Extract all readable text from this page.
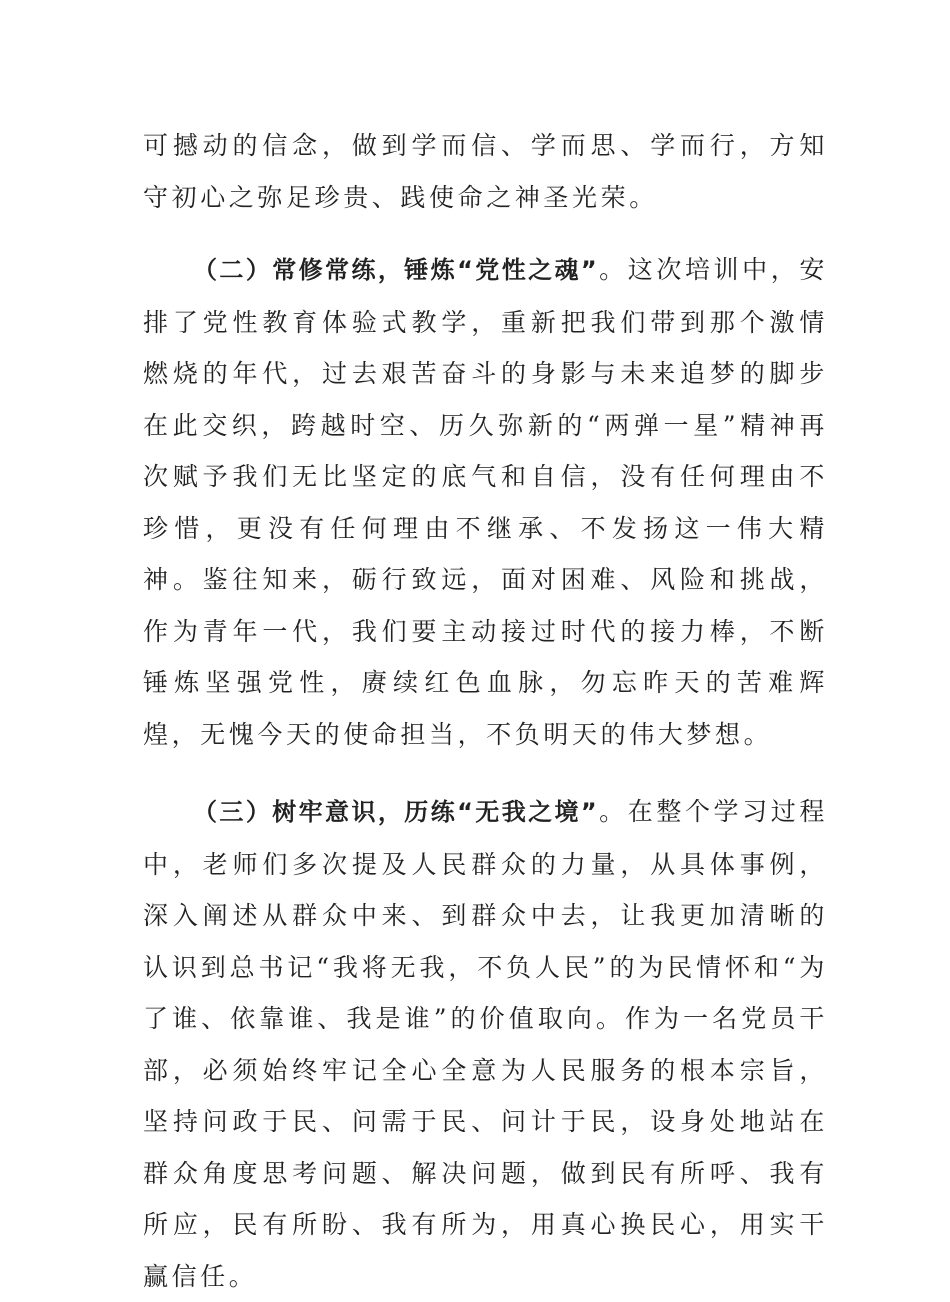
可撼动的信念，做到学而信、学而思、学而行，方知守初心之弥足珍贵、践使命之神圣光荣。

（二）常修常练，锤炼“党性之魂”。这次培训中，安排了党性教育体验式教学，重新把我们带到那个激情燃烧的年代，过去艰苦奋斗的身影与未来追梦的脚步在此交织，跨越时空、历久弥新的“两弹一星”精神再次赋予我们无比坚定的底气和自信，没有任何理由不珍惜，更没有任何理由不继承、不发扬这一伟大精神。鉴往知来，砺行致远，面对困难、风险和挑战，作为青年一代，我们要主动接过时代的接力棒，不断锤炼坚强党性，赓续红色血脉，勿忘昨天的苦难辉煌，无愧今天的使命担当，不负明天的伟大梦想。

（三）树牢意识，历练“无我之境”。在整个学习过程中，老师们多次提及人民群众的力量，从具体事例，深入阐述从群众中来、到群众中去，让我更加清晰的认识到总书记“我将无我，不负人民”的为民情怀和“为了谁、依靠谁、我是谁”的价值取向。作为一名党员干部，必须始终牢记全心全意为人民服务的根本宗旨，坚持问政于民、问需于民、问计于民，设身处地站在群众角度思考问题、解决问题，做到民有所呼、我有所应，民有所盼、我有所为，用真心换民心，用实干赢信任。
